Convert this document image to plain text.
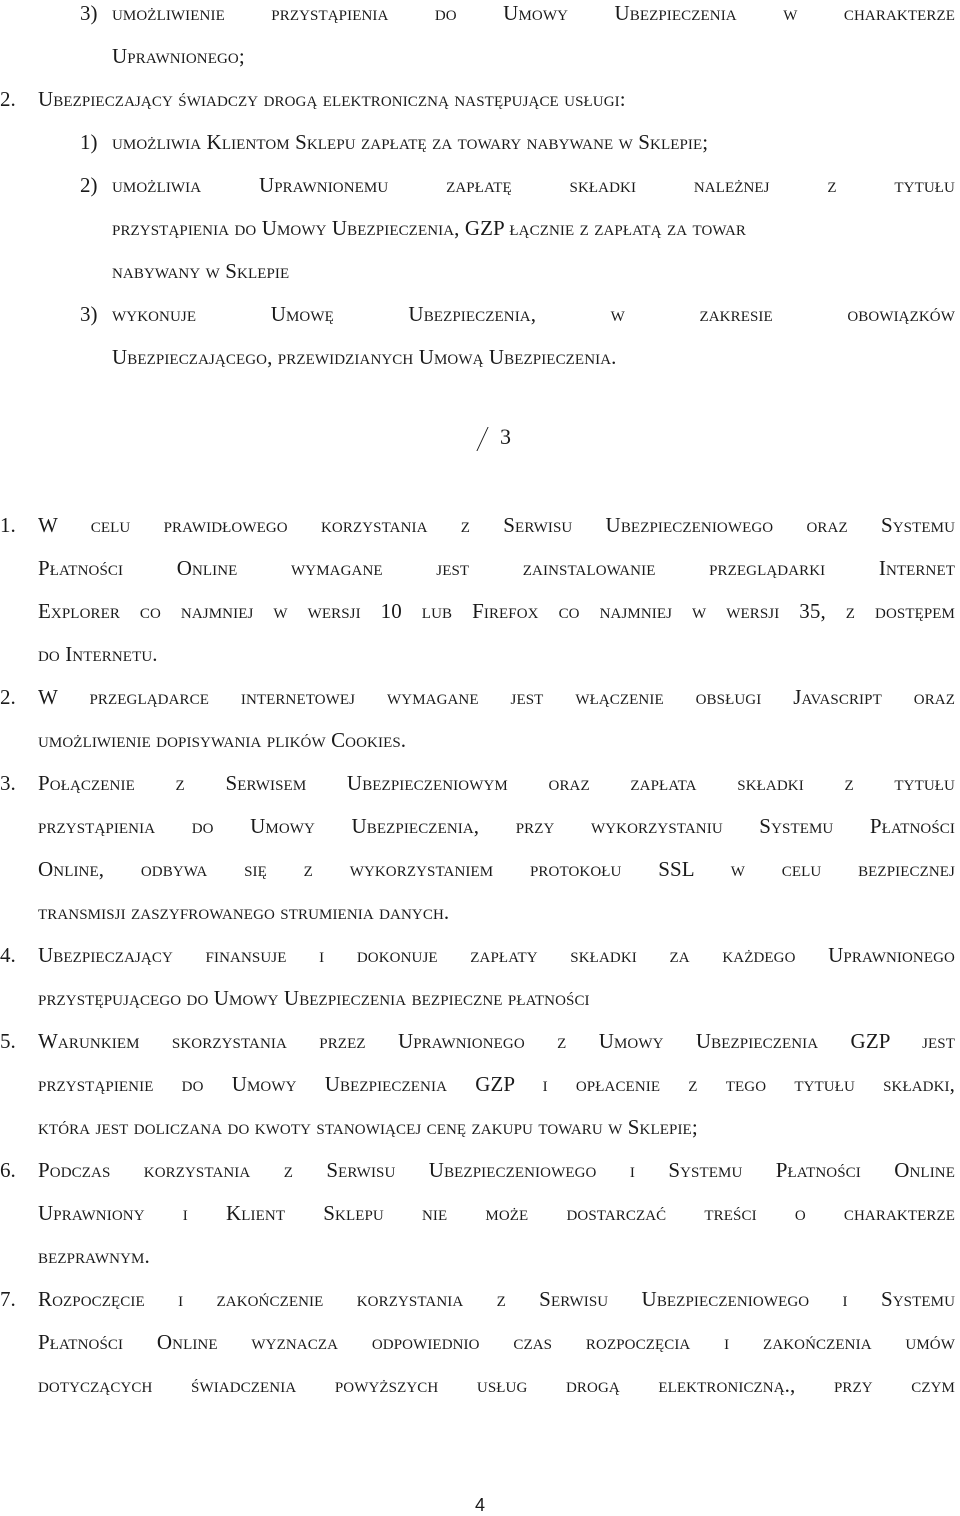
3) umożliwienie przystąpienia do Umowy Ubezpieczenia w charakterze
Uprawnionego;
2. Ubezpieczający świadczy drogą elektroniczną następujące usługi:
1) umożliwia Klientom Sklepu zapłatę za towary nabywane w Sklepie;
2) umożliwia Uprawnionemu zapłatę składki należnej z tytułu
przystąpienia do Umowy Ubezpieczenia, GZP łącznie z zapłatą za towar
nabywany w Sklepie
3) wykonuje Umowę Ubezpieczenia, w zakresie obowiązków
Ubezpieczającego, przewidzianych Umową Ubezpieczenia.
3
1. W celu prawidłowego korzystania z Serwisu Ubezpieczeniowego oraz Systemu
Płatności Online wymagane jest zainstalowanie przeglądarki Internet
Explorer co najmniej w wersji 10 lub Firefox co najmniej w wersji 35, z dostępem
do Internetu.
2. W przeglądarce internetowej wymagane jest włączenie obsługi Javascript oraz
umożliwienie dopisywania plików Cookies.
3. Połączenie z Serwisem Ubezpieczeniowym oraz zapłata składki z tytułu
przystąpienia do Umowy Ubezpieczenia, przy wykorzystaniu Systemu Płatności
Online, odbywa się z wykorzystaniem protokołu SSL w celu bezpiecznej
transmisji zaszyfrowanego strumienia danych.
4. Ubezpieczający finansuje i dokonuje zapłaty składki za każdego Uprawnionego
przystępującego do Umowy Ubezpieczenia bezpieczne płatności
5. Warunkiem skorzystania przez Uprawnionego z Umowy Ubezpieczenia GZP jest
przystąpienie do Umowy Ubezpieczenia GZP i opłacenie z tego tytułu składki,
która jest doliczana do kwoty stanowiącej cenę zakupu towaru w Sklepie;
6. Podczas korzystania z Serwisu Ubezpieczeniowego i Systemu Płatności Online
Uprawniony i Klient Sklepu nie może dostarczać treści o charakterze
bezprawnym.
7. Rozpoczęcie i zakończenie korzystania z Serwisu Ubezpieczeniowego i Systemu
Płatności Online wyznacza odpowiednio czas rozpoczęcia i zakończenia umów
dotyczących świadczenia powyższych usług drogą elektroniczną., przy czym
4
